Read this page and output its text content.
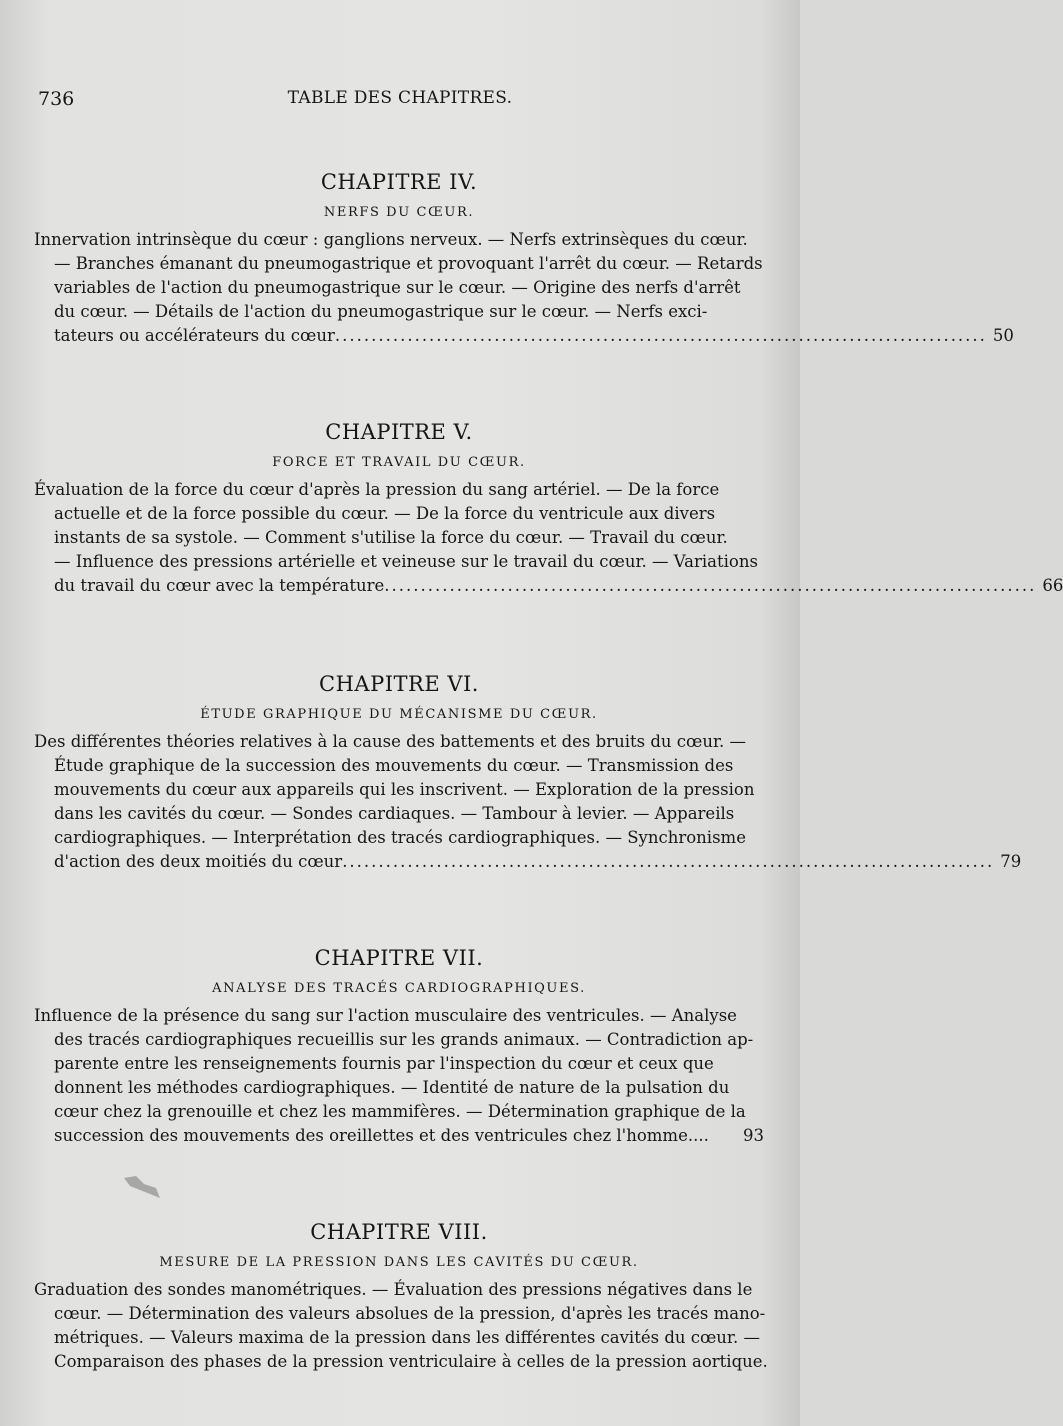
736	TABLE DES CHAPITRES.
CHAPITRE IV.
NERFS DU CŒUR.
Innervation intrinsèque du cœur : ganglions nerveux. — Nerfs extrinsèques du cœur.
— Branches émanant du pneumogastrique et provoquant l'arrêt du cœur. — Retards
variables de l'action du pneumogastrique sur le cœur. — Origine des nerfs d'arrêt
du cœur. — Détails de l'action du pneumogastrique sur le cœur. — Nerfs exci-
tateurs ou accélérateurs du cœur .......................................................................................... 50
CHAPITRE V.
FORCE ET TRAVAIL DU CŒUR.
Évaluation de la force du cœur d'après la pression du sang artériel. — De la force
actuelle et de la force possible du cœur. — De la force du ventricule aux divers
instants de sa systole. — Comment s'utilise la force du cœur. — Travail du cœur.
— Influence des pressions artérielle et veineuse sur le travail du cœur. — Variations
du travail du cœur avec la température .......................................................................................... 66
CHAPITRE VI.
ÉTUDE GRAPHIQUE DU MÉCANISME DU CŒUR.
Des différentes théories relatives à la cause des battements et des bruits du cœur. —
Étude graphique de la succession des mouvements du cœur. — Transmission des
mouvements du cœur aux appareils qui les inscrivent. — Exploration de la pression
dans les cavités du cœur. — Sondes cardiaques. — Tambour à levier. — Appareils
cardiographiques. — Interprétation des tracés cardiographiques. — Synchronisme
d'action des deux moitiés du cœur .......................................................................................... 79
CHAPITRE VII.
ANALYSE DES TRACÉS CARDIOGRAPHIQUES.
Influence de la présence du sang sur l'action musculaire des ventricules. — Analyse
des tracés cardiographiques recueillis sur les grands animaux. — Contradiction ap-
parente entre les renseignements fournis par l'inspection du cœur et ceux que
donnent les méthodes cardiographiques. — Identité de nature de la pulsation du
cœur chez la grenouille et chez les mammifères. — Détermination graphique de la
succession des mouvements des oreillettes et des ventricules chez l'homme....	93
CHAPITRE VIII.
MESURE DE LA PRESSION DANS LES CAVITÉS DU CŒUR.
Graduation des sondes manométriques. — Évaluation des pressions négatives dans le
cœur. — Détermination des valeurs absolues de la pression, d'après les tracés mano-
métriques. — Valeurs maxima de la pression dans les différentes cavités du cœur. —
Comparaison des phases de la pression ventriculaire à celles de la pression aortique.
